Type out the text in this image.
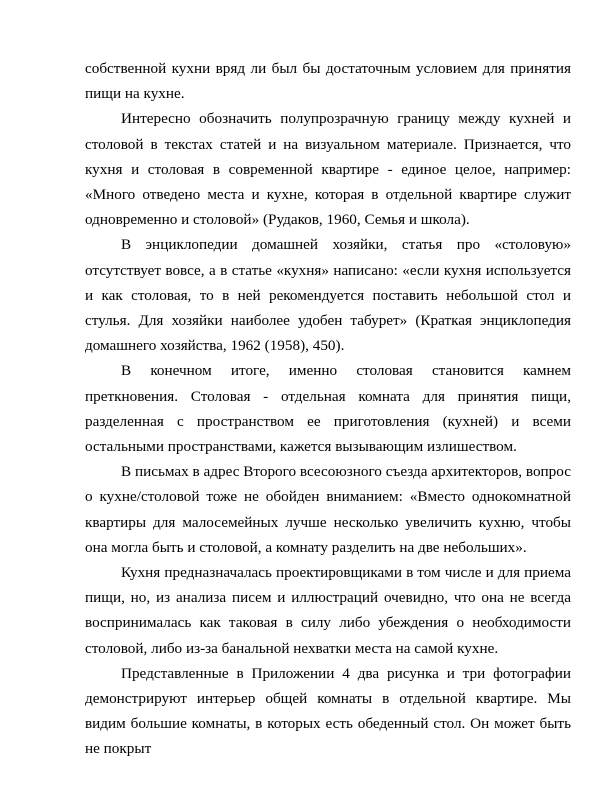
собственной кухни вряд ли был бы достаточным условием для принятия пищи на кухне.

Интересно обозначить полупрозрачную границу между кухней и столовой в текстах статей и на визуальном материале. Признается, что кухня и столовая в современной квартире - единое целое, например: «Много отведено места и кухне, которая в отдельной квартире служит одновременно и столовой» (Рудаков, 1960, Семья и школа).

В энциклопедии домашней хозяйки, статья про «столовую» отсутствует вовсе, а в статье «кухня» написано: «если кухня используется и как столовая, то в ней рекомендуется поставить небольшой стол и стулья. Для хозяйки наиболее удобен табурет» (Краткая энциклопедия домашнего хозяйства, 1962 (1958), 450).

В конечном итоге, именно столовая становится камнем преткновения. Столовая - отдельная комната для принятия пищи, разделенная с пространством ее приготовления (кухней) и всеми остальными пространствами, кажется вызывающим излишеством.

В письмах в адрес Второго всесоюзного съезда архитекторов, вопрос о кухне/столовой тоже не обойден вниманием: «Вместо однокомнатной квартиры для малосемейных лучше несколько увеличить кухню, чтобы она могла быть и столовой, а комнату разделить на две небольших».

Кухня предназначалась проектировщиками в том числе и для приема пищи, но, из анализа писем и иллюстраций очевидно, что она не всегда воспринималась как таковая в силу либо убеждения о необходимости столовой, либо из-за банальной нехватки места на самой кухне.

Представленные в Приложении 4 два рисунка и три фотографии демонстрируют интерьер общей комнаты в отдельной квартире. Мы видим большие комнаты, в которых есть обеденный стол. Он может быть не покрыт
